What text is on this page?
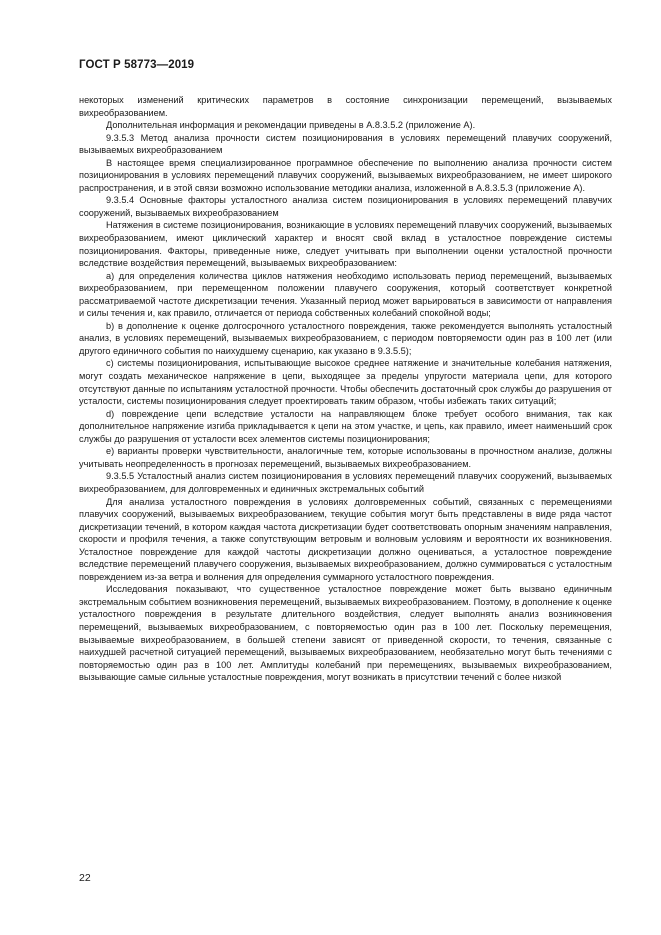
ГОСТ Р 58773—2019

некоторых изменений критических параметров в состояние синхронизации перемещений, вызываемых вихреобразованием.

Дополнительная информация и рекомендации приведены в А.8.3.5.2 (приложение А).

9.3.5.3 Метод анализа прочности систем позиционирования в условиях перемещений плавучих сооружений, вызываемых вихреобразованием

В настоящее время специализированное программное обеспечение по выполнению анализа прочности систем позиционирования в условиях перемещений плавучих сооружений, вызываемых вихреобразованием, не имеет широкого распространения, и в этой связи возможно использование методики анализа, изложенной в А.8.3.5.3 (приложение А).

9.3.5.4 Основные факторы усталостного анализа систем позиционирования в условиях перемещений плавучих сооружений, вызываемых вихреобразованием

Натяжения в системе позиционирования, возникающие в условиях перемещений плавучих сооружений, вызываемых вихреобразованием, имеют циклический характер и вносят свой вклад в усталостное повреждение системы позиционирования. Факторы, приведенные ниже, следует учитывать при выполнении оценки усталостной прочности вследствие воздействия перемещений, вызываемых вихреобразованием:

a) для определения количества циклов натяжения необходимо использовать период перемещений, вызываемых вихреобразованием, при перемещенном положении плавучего сооружения, который соответствует конкретной рассматриваемой частоте дискретизации течения. Указанный период может варьироваться в зависимости от направления и силы течения и, как правило, отличается от периода собственных колебаний спокойной воды;

b) в дополнение к оценке долгосрочного усталостного повреждения, также рекомендуется выполнять усталостный анализ, в условиях перемещений, вызываемых вихреобразованием, с периодом повторяемости один раз в 100 лет (или другого единичного события по наихудшему сценарию, как указано в 9.3.5.5);

c) системы позиционирования, испытывающие высокое среднее натяжение и значительные колебания натяжения, могут создать механическое напряжение в цепи, выходящее за пределы упругости материала цепи, для которого отсутствуют данные по испытаниям усталостной прочности. Чтобы обеспечить достаточный срок службы до разрушения от усталости, системы позиционирования следует проектировать таким образом, чтобы избежать таких ситуаций;

d) повреждение цепи вследствие усталости на направляющем блоке требует особого внимания, так как дополнительное напряжение изгиба прикладывается к цепи на этом участке, и цепь, как правило, имеет наименьший срок службы до разрушения от усталости всех элементов системы позиционирования;

e) варианты проверки чувствительности, аналогичные тем, которые использованы в прочностном анализе, должны учитывать неопределенность в прогнозах перемещений, вызываемых вихреобразованием.

9.3.5.5 Усталостный анализ систем позиционирования в условиях перемещений плавучих сооружений, вызываемых вихреобразованием, для долговременных и единичных экстремальных событий

Для анализа усталостного повреждения в условиях долговременных событий, связанных с перемещениями плавучих сооружений, вызываемых вихреобразованием, текущие события могут быть представлены в виде ряда частот дискретизации течений, в котором каждая частота дискретизации будет соответствовать опорным значениям направления, скорости и профиля течения, а также сопутствующим ветровым и волновым условиям и вероятности их возникновения. Усталостное повреждение для каждой частоты дискретизации должно оцениваться, а усталостное повреждение вследствие перемещений плавучего сооружения, вызываемых вихреобразованием, должно суммироваться с усталостным повреждением из-за ветра и волнения для определения суммарного усталостного повреждения.

Исследования показывают, что существенное усталостное повреждение может быть вызвано единичным экстремальным событием возникновения перемещений, вызываемых вихреобразованием. Поэтому, в дополнение к оценке усталостного повреждения в результате длительного воздействия, следует выполнять анализ возникновения перемещений, вызываемых вихреобразованием, с повторяемостью один раз в 100 лет. Поскольку перемещения, вызываемые вихреобразованием, в большей степени зависят от приведенной скорости, то течения, связанные с наихудшей расчетной ситуацией перемещений, вызываемых вихреобразованием, необязательно могут быть течениями с повторяемостью один раз в 100 лет. Амплитуды колебаний при перемещениях, вызываемых вихреобразованием, вызывающие самые сильные усталостные повреждения, могут возникать в присутствии течений с более низкой

22
